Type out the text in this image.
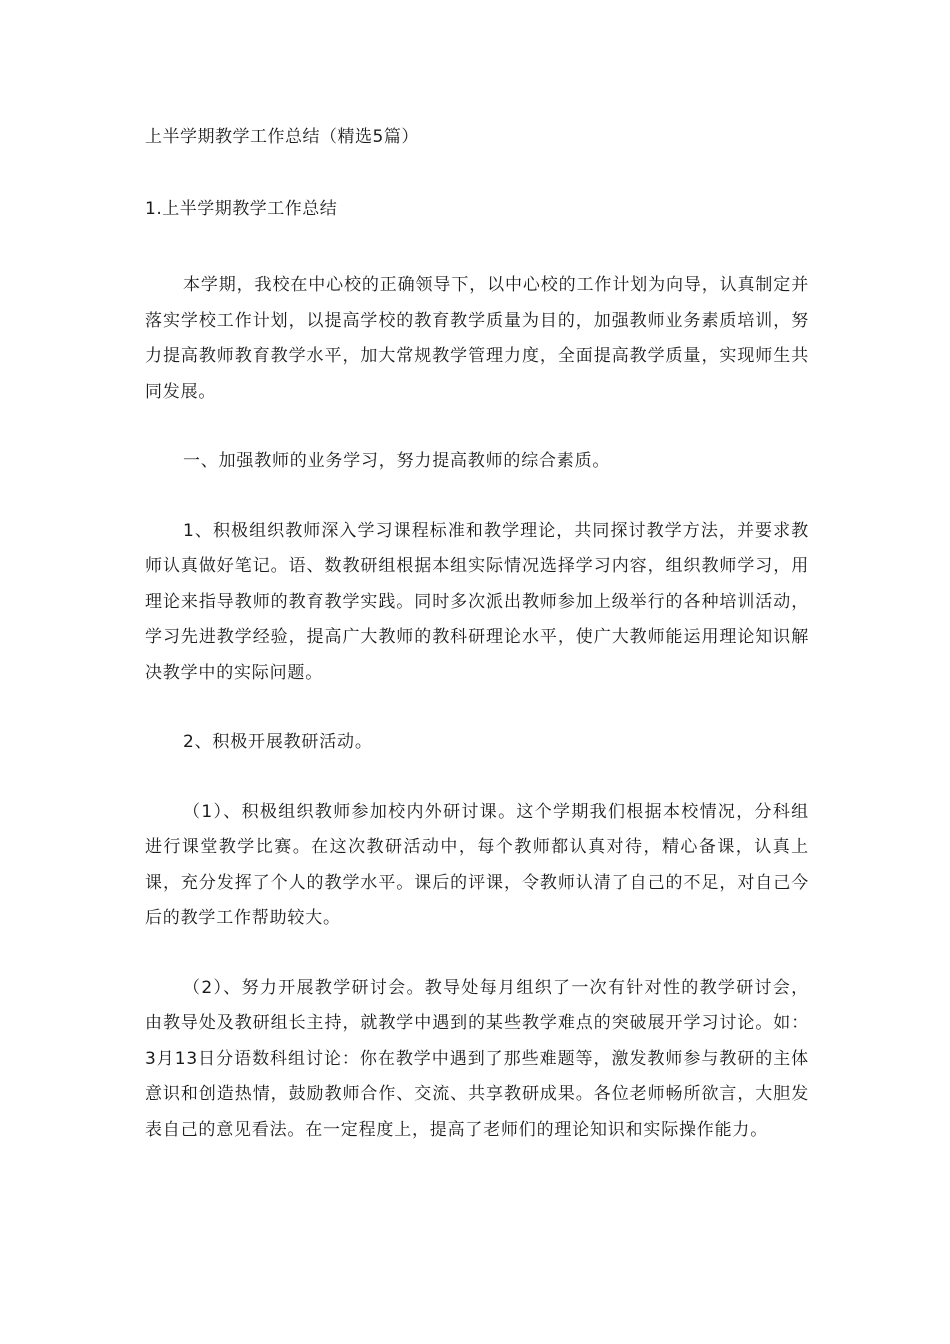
上半学期教学工作总结（精选5篇）
1.上半学期教学工作总结

本学期，我校在中心校的正确领导下，以中心校的工作计划为向导，认真制定并落实学校工作计划，以提高学校的教育教学质量为目的，加强教师业务素质培训，努力提高教师教育教学水平，加大常规教学管理力度，全面提高教学质量，实现师生共同发展。

一、加强教师的业务学习，努力提高教师的综合素质。

1、积极组织教师深入学习课程标准和教学理论，共同探讨教学方法，并要求教师认真做好笔记。语、数教研组根据本组实际情况选择学习内容，组织教师学习，用理论来指导教师的教育教学实践。同时多次派出教师参加上级举行的各种培训活动，学习先进教学经验，提高广大教师的教科研理论水平，使广大教师能运用理论知识解决教学中的实际问题。

2、积极开展教研活动。

（1）、积极组织教师参加校内外研讨课。这个学期我们根据本校情况，分科组进行课堂教学比赛。在这次教研活动中，每个教师都认真对待，精心备课，认真上课，充分发挥了个人的教学水平。课后的评课，令教师认清了自己的不足，对自己今后的教学工作帮助较大。

（2）、努力开展教学研讨会。教导处每月组织了一次有针对性的教学研讨会，由教导处及教研组长主持，就教学中遇到的某些教学难点的突破展开学习讨论。如：3月13日分语数科组讨论：你在教学中遇到了那些难题等，激发教师参与教研的主体意识和创造热情，鼓励教师合作、交流、共享教研成果。各位老师畅所欲言，大胆发表自己的意见看法。在一定程度上，提高了老师们的理论知识和实际操作能力。
